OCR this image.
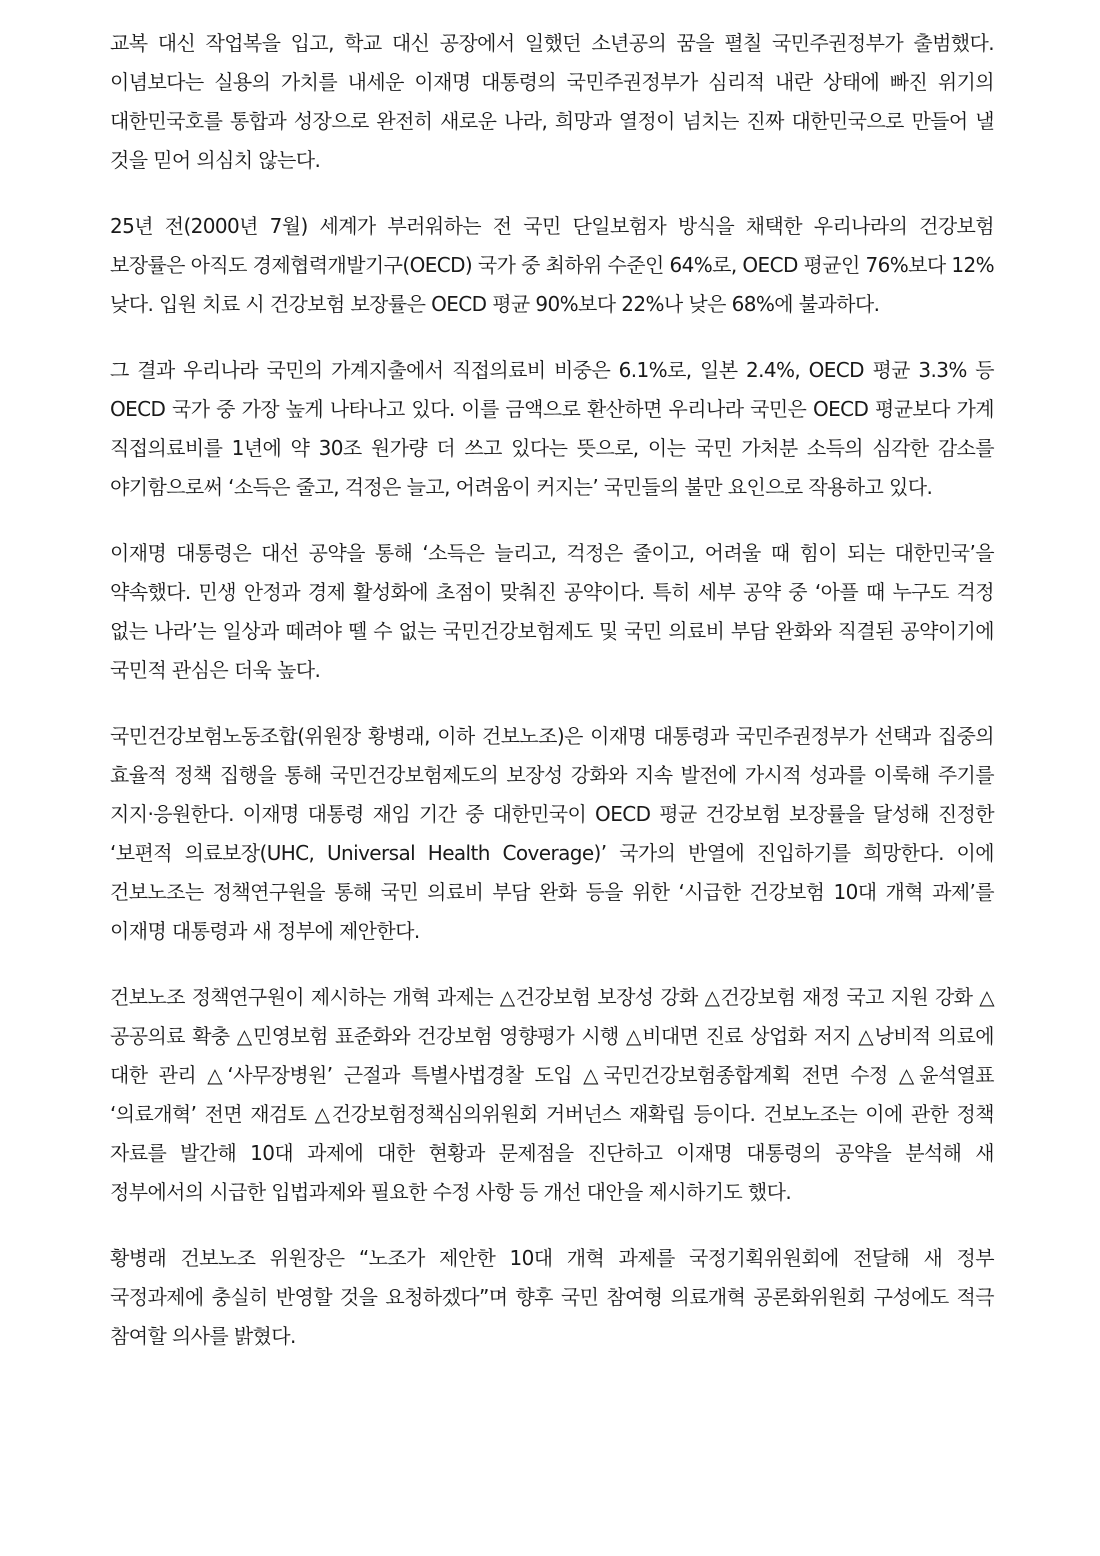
교복 대신 작업복을 입고, 학교 대신 공장에서 일했던 소년공의 꿈을 펼칠 국민주권정부가 출범했다. 이념보다는 실용의 가치를 내세운 이재명 대통령의 국민주권정부가 심리적 내란 상태에 빠진 위기의 대한민국호를 통합과 성장으로 완전히 새로운 나라, 희망과 열정이 넘치는 진짜 대한민국으로 만들어 낼 것을 믿어 의심치 않는다.

25년 전(2000년 7월) 세계가 부러워하는 전 국민 단일보험자 방식을 채택한 우리나라의 건강보험 보장률은 아직도 경제협력개발기구(OECD) 국가 중 최하위 수준인 64%로, OECD 평균인 76%보다 12% 낮다. 입원 치료 시 건강보험 보장률은 OECD 평균 90%보다 22%나 낮은 68%에 불과하다.

그 결과 우리나라 국민의 가계지출에서 직접의료비 비중은 6.1%로, 일본 2.4%, OECD 평균 3.3% 등 OECD 국가 중 가장 높게 나타나고 있다. 이를 금액으로 환산하면 우리나라 국민은 OECD 평균보다 가계 직접의료비를 1년에 약 30조 원가량 더 쓰고 있다는 뜻으로, 이는 국민 가처분 소득의 심각한 감소를 야기함으로써 ‘소득은 줄고, 걱정은 늘고, 어려움이 커지는’ 국민들의 불만 요인으로 작용하고 있다.

이재명 대통령은 대선 공약을 통해 ‘소득은 늘리고, 걱정은 줄이고, 어려울 때 힘이 되는 대한민국’을 약속했다. 민생 안정과 경제 활성화에 초점이 맞춰진 공약이다. 특히 세부 공약 중 ‘아플 때 누구도 걱정 없는 나라’는 일상과 떼려야 뗄 수 없는 국민건강보험제도 및 국민 의료비 부담 완화와 직결된 공약이기에 국민적 관심은 더욱 높다.

국민건강보험노동조합(위원장 황병래, 이하 건보노조)은 이재명 대통령과 국민주권정부가 선택과 집중의 효율적 정책 집행을 통해 국민건강보험제도의 보장성 강화와 지속 발전에 가시적 성과를 이룩해 주기를 지지·응원한다. 이재명 대통령 재임 기간 중 대한민국이 OECD 평균 건강보험 보장률을 달성해 진정한 ‘보편적 의료보장(UHC, Universal Health Coverage)’ 국가의 반열에 진입하기를 희망한다. 이에 건보노조는 정책연구원을 통해 국민 의료비 부담 완화 등을 위한 ‘시급한 건강보험 10대 개혁 과제’를 이재명 대통령과 새 정부에 제안한다.

건보노조 정책연구원이 제시하는 개혁 과제는 △건강보험 보장성 강화 △건강보험 재정 국고 지원 강화 △공공의료 확충 △민영보험 표준화와 건강보험 영향평가 시행 △비대면 진료 상업화 저지 △낭비적 의료에 대한 관리 △‘사무장병원’ 근절과 특별사법경찰 도입 △국민건강보험종합계획 전면 수정 △윤석열표 ‘의료개혁’ 전면 재검토 △건강보험정책심의위원회 거버넌스 재확립 등이다. 건보노조는 이에 관한 정책 자료를 발간해 10대 과제에 대한 현황과 문제점을 진단하고 이재명 대통령의 공약을 분석해 새 정부에서의 시급한 입법과제와 필요한 수정 사항 등 개선 대안을 제시하기도 했다.

황병래 건보노조 위원장은 “노조가 제안한 10대 개혁 과제를 국정기획위원회에 전달해 새 정부 국정과제에 충실히 반영할 것을 요청하겠다”며 향후 국민 참여형 의료개혁 공론화위원회 구성에도 적극 참여할 의사를 밝혔다.
